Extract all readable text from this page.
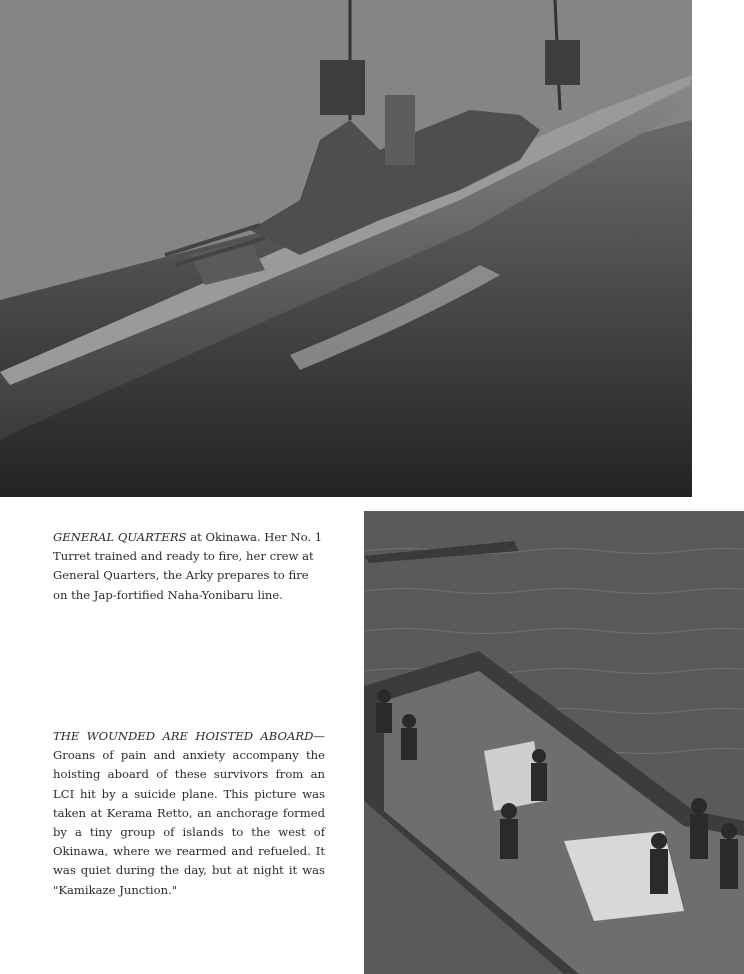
GENERAL QUARTERS at Okinawa. Her No. 1 Turret trained and ready to fire, her crew at General Quarters, the Arky prepares to fire on the Jap-fortified Naha-Yonibaru line.

THE WOUNDED ARE HOISTED ABOARD—Groans of pain and anxiety accompany the hoisting aboard of these survivors from an LCI hit by a suicide plane. This picture was taken at Kerama Retto, an anchorage formed by a tiny group of islands to the west of Okinawa, where we rearmed and refueled. It was quiet during the day, but at night it was "Kamikaze Junction."
